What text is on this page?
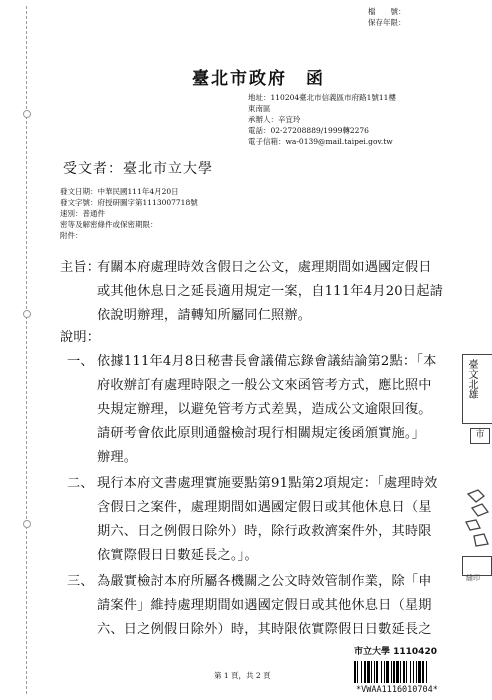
檔　　號：
保存年限：
臺北市政府　函
地址：110204臺北市信義區市府路1號11樓
東南區
承辦人：辛宜玲
電話：02-27208889/1999轉2276
電子信箱：wa-0139@mail.taipei.gov.tw
受文者：臺北市立大學
發文日期：中華民國111年4月20日
發文字號：府授研圖字第1113007718號
速別：普通件
密等及解密條件或保密期限：
附件：
主旨：
有關本府處理時效含假日之公文，處理期間如遇國定假日
或其他休息日之延長適用規定一案，自111年4月20日起請
依說明辦理，請轉知所屬同仁照辦。
說明：
一、 依據111年4月8日秘書長會議備忘錄會議結論第2點：「本
府收辦訂有處理時限之一般公文來函管考方式，應比照中
央規定辦理，以避免管考方式差異，造成公文逾限回復。
請研考會依此原則通盤檢討現行相關規定後函頒實施。」
辦理。
二、 現行本府文書處理實施要點第91點第2項規定：「處理時效
含假日之案件，處理期間如遇國定假日或其他休息日（星
期六、日之例假日除外）時，除行政救濟案件外，其時限
依實際假日日數延長之。」。
三、 為嚴實檢討本府所屬各機關之公文時效管制作業，除「申
請案件」維持處理期間如遇國定假日或其他休息日（星期
六、日之例假日除外）時，其時限依實際假日日數延長之
第 1 頁，共 2 頁
臺文北雄
市
縫印
市立大學 1110420
*VWAA1116010704*
